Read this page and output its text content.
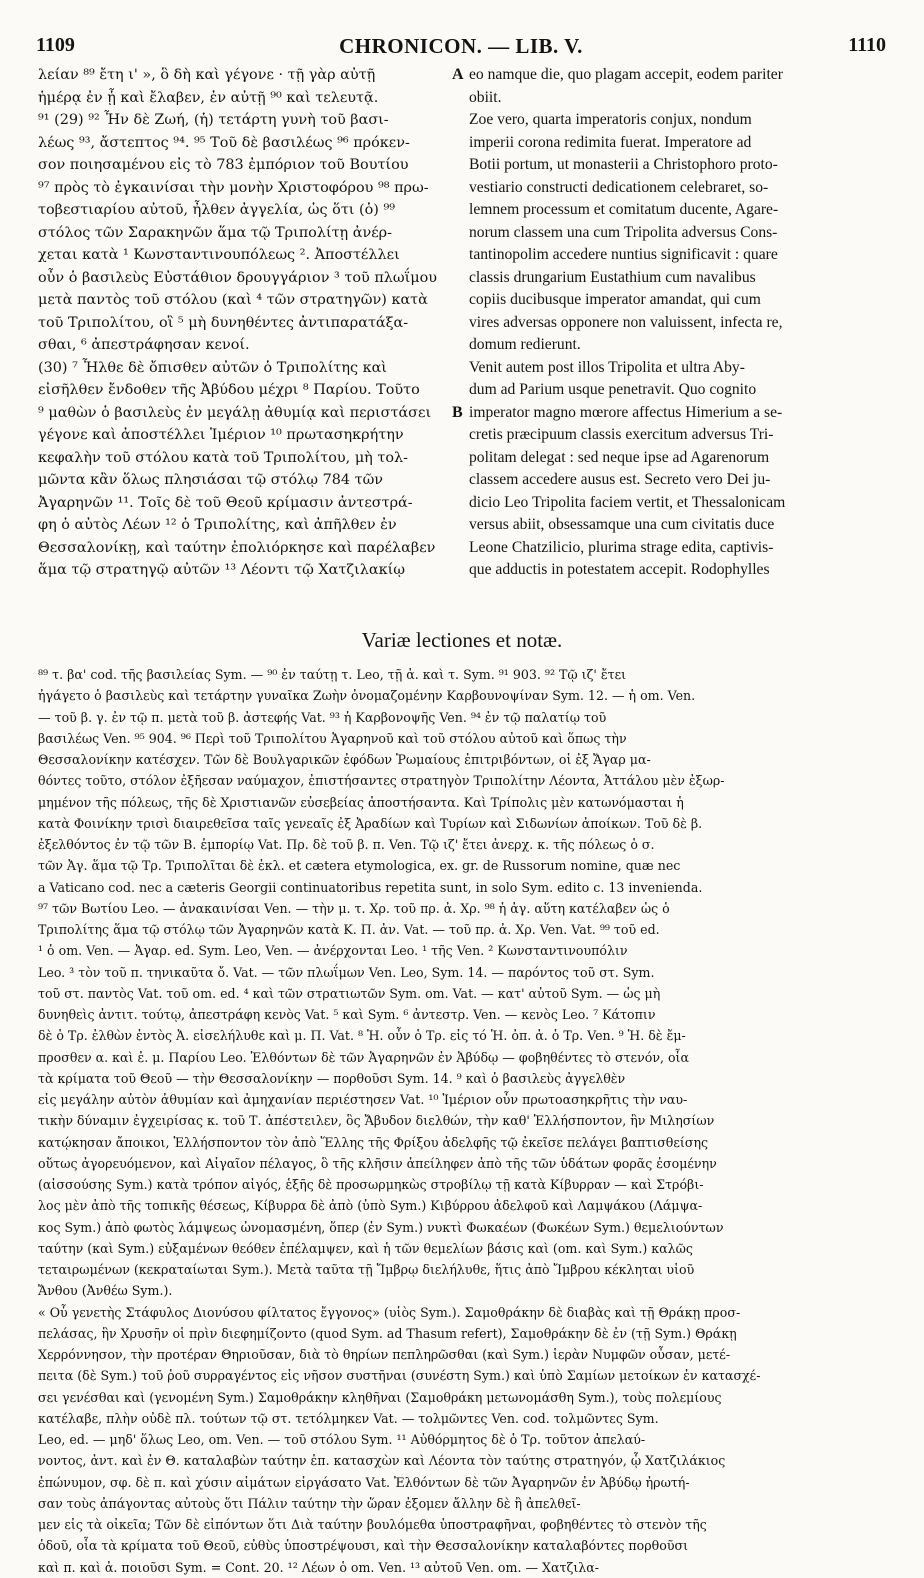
1109	CHRONICON. — LIB. V.	1110
λείαν ⁸⁹ ἔτη ι' », ὃ δὴ καὶ γέγονε · τῇ γὰρ αὐτῇ
ἡμέρᾳ ἐν ᾗ καὶ ἔλαβεν, ἐν αὐτῇ ⁹⁰ καὶ τελευτᾷ.
⁹¹ (29) ⁹² Ἦν δὲ Ζωή, (ἡ) τετάρτη γυνὴ τοῦ βασι-
λέως ⁹³, ἄστεπτος ⁹⁴. ⁹⁵ Τοῦ δὲ βασιλέως ⁹⁶ πρόκεν-
σον ποιησαμένου εἰς τὸ 783 ἐμπόριον τοῦ Βουτίου
⁹⁷ πρὸς τὸ ἐγκαινίσαι τὴν μονὴν Χριστοφόρου ⁹⁸ πρω-
τοβεστιαρίου αὐτοῦ, ἦλθεν ἀγγελία, ὡς ὅτι (ὁ) ⁹⁹
στόλος τῶν Σαρακηνῶν ἅμα τῷ Τριπολίτῃ ἀνέρ-
χεται κατὰ ¹ Κωνσταντινουπόλεως ². Ἀποστέλλει
οὖν ὁ βασιλεὺς Εὐστάθιον δρουγγάριον ³ τοῦ πλωΐμου
μετὰ παντὸς τοῦ στόλου (καὶ ⁴ τῶν στρατηγῶν) κατὰ
τοῦ Τριπολίτου, οἳ ⁵ μὴ δυνηθέντες ἀντιπαρατάξα-
σθαι, ⁶ ἀπεστράφησαν κενοί.
(30) ⁷ Ἦλθε δὲ ὄπισθεν αὐτῶν ὁ Τριπολίτης καὶ
εἰσῆλθεν ἔνδοθεν τῆς Ἀβύδου μέχρι ⁸ Παρίου. Τοῦτο
⁹ μαθὼν ὁ βασιλεὺς ἐν μεγάλῃ ἀθυμίᾳ καὶ περιστάσει
γέγονε καὶ ἀποστέλλει Ἱμέριον ¹⁰ πρωτασηκρήτην
κεφαλὴν τοῦ στόλου κατὰ τοῦ Τριπολίτου, μὴ τολ-
μῶντα κἂν ὅλως πλησιάσαι τῷ στόλῳ 784 τῶν
Ἀγαρηνῶν ¹¹. Τοῖς δὲ τοῦ Θεοῦ κρίμασιν ἀντεστρά-
φη ὁ αὐτὸς Λέων ¹² ὁ Τριπολίτης, καὶ ἀπῆλθεν ἐν
Θεσσαλονίκῃ, καὶ ταύτην ἐπολιόρκησε καὶ παρέλαβεν
ἅμα τῷ στρατηγῷ αὐτῶν ¹³ Λέοντι τῷ Χατζιλακίῳ
eo namque die, quo plagam accepit, eodem pariter
obiit.
Zoe vero, quarta imperatoris conjux, nondum
imperii corona redimita fuerat. Imperatore ad
Botii portum, ut monasterii a Christophoro proto-
vestiario constructi dedicationem celebraret, so-
lemnem processum et comitatum ducente, Agare-
norum classem una cum Tripolita adversus Cons-
tantinopolim accedere nuntius significavit : quare
classis drungarium Eustathium cum navalibus
copiis ducibusque imperator amandat, qui cum
vires adversas opponere non valuissent, infecta re,
domum redierunt.
Venit autem post illos Tripolita et ultra Aby-
dum ad Parium usque penetravit. Quo cognito
imperator magno mœrore affectus Himerium a se-
cretis præcipuum classis exercitum adversus Tri-
politam delegat : sed neque ipse ad Agarenorum
classem accedere ausus est. Secreto vero Dei ju-
dicio Leo Tripolita faciem vertit, et Thessalonicam
versus abiit, obsessamque una cum civitatis duce
Leone Chatzilicio, plurima strage edita, captivis-
que adductis in potestatem accepit. Rodophylles
A
B
Variæ lectiones et notæ.
⁸⁹ τ. βα' cod. τῆς βασιλείας Sym. — ⁹⁰ ἐν ταύτῃ τ. Leo, τῇ ἀ. καὶ τ. Sym. ⁹¹ 903. ⁹² Τῷ ιζ' ἔτει
ἠγάγετο ὁ βασιλεὺς καὶ τετάρτην γυναῖκα Ζωὴν ὀνομαζομένην Καρβουνοψίναν Sym. 12. — ἡ om. Ven.
— τοῦ β. γ. ἐν τῷ π. μετὰ τοῦ β. ἀστεφής Vat. ⁹³ ἡ Καρβονοψῆς Ven. ⁹⁴ ἐν τῷ παλατίῳ τοῦ
βασιλέως Ven. ⁹⁵ 904. ⁹⁶ Περὶ τοῦ Τριπολίτου Ἀγαρηνοῦ καὶ τοῦ στόλου αὐτοῦ καὶ ὅπως τὴν
Θεσσαλονίκην κατέσχεν. Τῶν δὲ Βουλγαρικῶν ἐφόδων Ῥωμαίους ἐπιτριβόντων, οἱ ἐξ Ἄγαρ μα-
θόντες τοῦτο, στόλον ἐξῆεσαν ναύμαχον, ἐπιστήσαντες στρατηγὸν Τριπολίτην Λέοντα, Ἀττάλου μὲν ἐξωρ-
μημένον τῆς πόλεως, τῆς δὲ Χριστιανῶν εὐσεβείας ἀποστήσαντα. Καὶ Τρίπολις μὲν κατωνόμασται ἡ
κατὰ Φοινίκην τρισὶ διαιρεθεῖσα ταῖς γενεαῖς ἐξ Ἀραδίων καὶ Τυρίων καὶ Σιδωνίων ἀποίκων. Τοῦ δὲ β.
ἐξελθόντος ἐν τῷ τῶν Β. ἐμπορίῳ Vat. Πρ. δὲ τοῦ β. π. Ven. Τῷ ιζ' ἔτει ἀνερχ. κ. τῆς πόλεως ὁ σ.
τῶν Ἀγ. ἅμα τῷ Τρ. Τριπολῖται δὲ ἐκλ. et cætera etymologica, ex. gr. de Russorum nomine, quæ nec
a Vaticano cod. nec a cæteris Georgii continuatoribus repetita sunt, in solo Sym. edito c. 13 invenienda.
⁹⁷ τῶν Βωτίου Leo. — ἀνακαινίσαι Ven. — τὴν μ. τ. Χρ. τοῦ πρ. ἀ. Χρ. ⁹⁸ ἡ ἀγ. αὕτη κατέλαβεν ὡς ὁ
Τριπολίτης ἅμα τῷ στόλῳ τῶν Ἀγαρηνῶν κατὰ Κ. Π. ἀν. Vat. — τοῦ πρ. ἀ. Χρ. Ven. Vat. ⁹⁹ τοῦ ed.
¹ ὁ om. Ven. — Ἀγαρ. ed. Sym. Leo, Ven. — ἀνέρχονται Leo. ¹ τῆς Ven. ² Κωνσταντινουπόλιν
Leo. ³ τὸν τοῦ π. τηνικαῦτα ὄ. Vat. — τῶν πλωΐμων Ven. Leo, Sym. 14. — παρόντος τοῦ στ. Sym.
τοῦ στ. παντὸς Vat. τοῦ om. ed. ⁴ καὶ τῶν στρατιωτῶν Sym. om. Vat. — κατ' αὐτοῦ Sym. — ὡς μὴ
δυνηθεὶς ἀντιτ. τούτῳ, ἀπεστράφη κενὸς Vat. ⁵ καὶ Sym. ⁶ ἀντεστρ. Ven. — κενὸς Leo. ⁷ Κάτοπιν
δὲ ὁ Τρ. ἐλθὼν ἐντὸς Ἀ. εἰσελήλυθε καὶ μ. Π. Vat. ⁸ Ἡ. οὖν ὁ Τρ. εἰς τό Ἡ. ὀπ. ἀ. ὁ Τρ. Ven. ⁹ Ἡ. δὲ ἔμ-
προσθεν α. καὶ ἐ. μ. Παρίου Leo. Ἐλθόντων δὲ τῶν Ἀγαρηνῶν ἐν Ἀβύδῳ — φοβηθέντες τὸ στενόν, οἷα
τὰ κρίματα τοῦ Θεοῦ — τὴν Θεσσαλονίκην — πορθοῦσι Sym. 14. ⁹ καὶ ὁ βασιλεὺς ἀγγελθὲν
εἰς μεγάλην αὐτὸν ἀθυμίαν καὶ ἀμηχανίαν περιέστησεν Vat. ¹⁰ Ἱμέριον οὖν πρωτοασηκρῆτις τὴν ναυ-
τικὴν δύναμιν ἐγχειρίσας κ. τοῦ Τ. ἀπέστειλεν, ὃς Ἄβυδον διελθών, τὴν καθ' Ἑλλήσποντον, ἣν Μιλησίων
κατῴκησαν ἄποικοι, Ἑλλήσποντον τὸν ἀπὸ Ἕλλης τῆς Φρίξου ἀδελφῆς τῷ ἐκεῖσε πελάγει βαπτισθείσης
οὕτως ἀγορευόμενον, καὶ Αἰγαῖον πέλαγος, ὃ τῆς κλῆσιν ἀπείληφεν ἀπὸ τῆς τῶν ὑδάτων φορᾶς ἐσομένην
(αἰσσούσης Sym.) κατὰ τρόπον αἰγός, ἑξῆς δὲ προσωρμηκὼς στροβίλῳ τῇ κατὰ Κίβυρραν — καὶ Στρόβι-
λος μὲν ἀπὸ τῆς τοπικῆς θέσεως, Κίβυρρα δὲ ἀπὸ (ὑπὸ Sym.) Κιβύρρου ἀδελφοῦ καὶ Λαμψάκου (Λάμψα-
κος Sym.) ἀπὸ φωτὸς λάμψεως ὠνομασμένη, ὅπερ (ἐν Sym.) νυκτὶ Φωκαέων (Φωκέων Sym.) θεμελιούντων
ταύτην (καὶ Sym.) εὐξαμένων θεόθεν ἐπέλαμψεν, καὶ ἡ τῶν θεμελίων βάσις καὶ (om. καὶ Sym.) καλῶς
τεταιρωμένων (κεκραταίωται Sym.). Μετὰ ταῦτα τῇ Ἴμβρῳ διελήλυθε, ἥτις ἀπὸ Ἴμβρου κέκληται υἱοῦ
Ἄνθου (Ἀνθέω Sym.).
« Οὗ γενετὴς Στάφυλος Διονύσου φίλτατος ἔγγονος» (υἱὸς Sym.). Σαμοθράκην δὲ διαβὰς καὶ τῇ Θράκῃ προσ-
πελάσας, ἣν Χρυσῆν οἱ πρὶν διεφημίζοντο (quod Sym. ad Thasum refert), Σαμοθράκην δὲ ἐν (τῇ Sym.) Θράκῃ
Χερρόννησον, τὴν προτέραν Θηριοῦσαν, διὰ τὸ θηρίων πεπληρῶσθαι (καὶ Sym.) ἱερὰν Νυμφῶν οὖσαν, μετέ-
πειτα (δὲ Sym.) τοῦ ῥοῦ συρραγέντος εἰς νῆσον συστῆναι (συνέστη Sym.) καὶ ὑπὸ Σαμίων μετοίκων ἐν κατασχέ-
σει γενέσθαι καὶ (γενομένη Sym.) Σαμοθράκην κληθῆναι (Σαμοθράκη μετωνομάσθη Sym.), τοὺς πολεμίους
κατέλαβε, πλὴν οὐδὲ πλ. τούτων τῷ στ. τετόλμηκεν Vat. — τολμῶντες Ven. cod. τολμῶντες Sym.
Leo, ed. — μηδ' ὅλως Leo, om. Ven. — τοῦ στόλου Sym. ¹¹ Αὐθόρμητος δὲ ὁ Τρ. τοῦτον ἀπελαύ-
νοντος, ἀντ. καὶ ἐν Θ. καταλαβὼν ταύτην ἐπ. κατασχὼν καὶ Λέοντα τὸν ταύτης στρατηγόν, ᾧ Χατζιλάκιος
ἐπώνυμον, σφ. δὲ π. καὶ χύσιν αἱμάτων εἰργάσατο Vat. Ἐλθόντων δὲ τῶν Ἀγαρηνῶν ἐν Ἀβύδῳ ἠρωτή-
σαν τοὺς ἀπάγοντας αὐτοὺς ὅτι Πάλιν ταύτην τὴν ὥραν ἐξομεν ἄλλην δὲ ἢ ἀπελθεῖ-
μεν εἰς τὰ οἰκεῖα; Τῶν δὲ εἰπόντων ὅτι Διὰ ταύτην βουλόμεθα ὑποστραφῆναι, φοβηθέντες τὸ στενὸν τῆς
ὁδοῦ, οἷα τὰ κρίματα τοῦ Θεοῦ, εὐθὺς ὑποστρέψουσι, καὶ τὴν Θεσσαλονίκην καταλαβόντες πορθοῦσι
καὶ π. καὶ ἀ. ποιοῦσι Sym. = Cont. 20. ¹² Λέων ὁ om. Ven. ¹³ αὐτοῦ Ven. om. — Χατζιλα-
